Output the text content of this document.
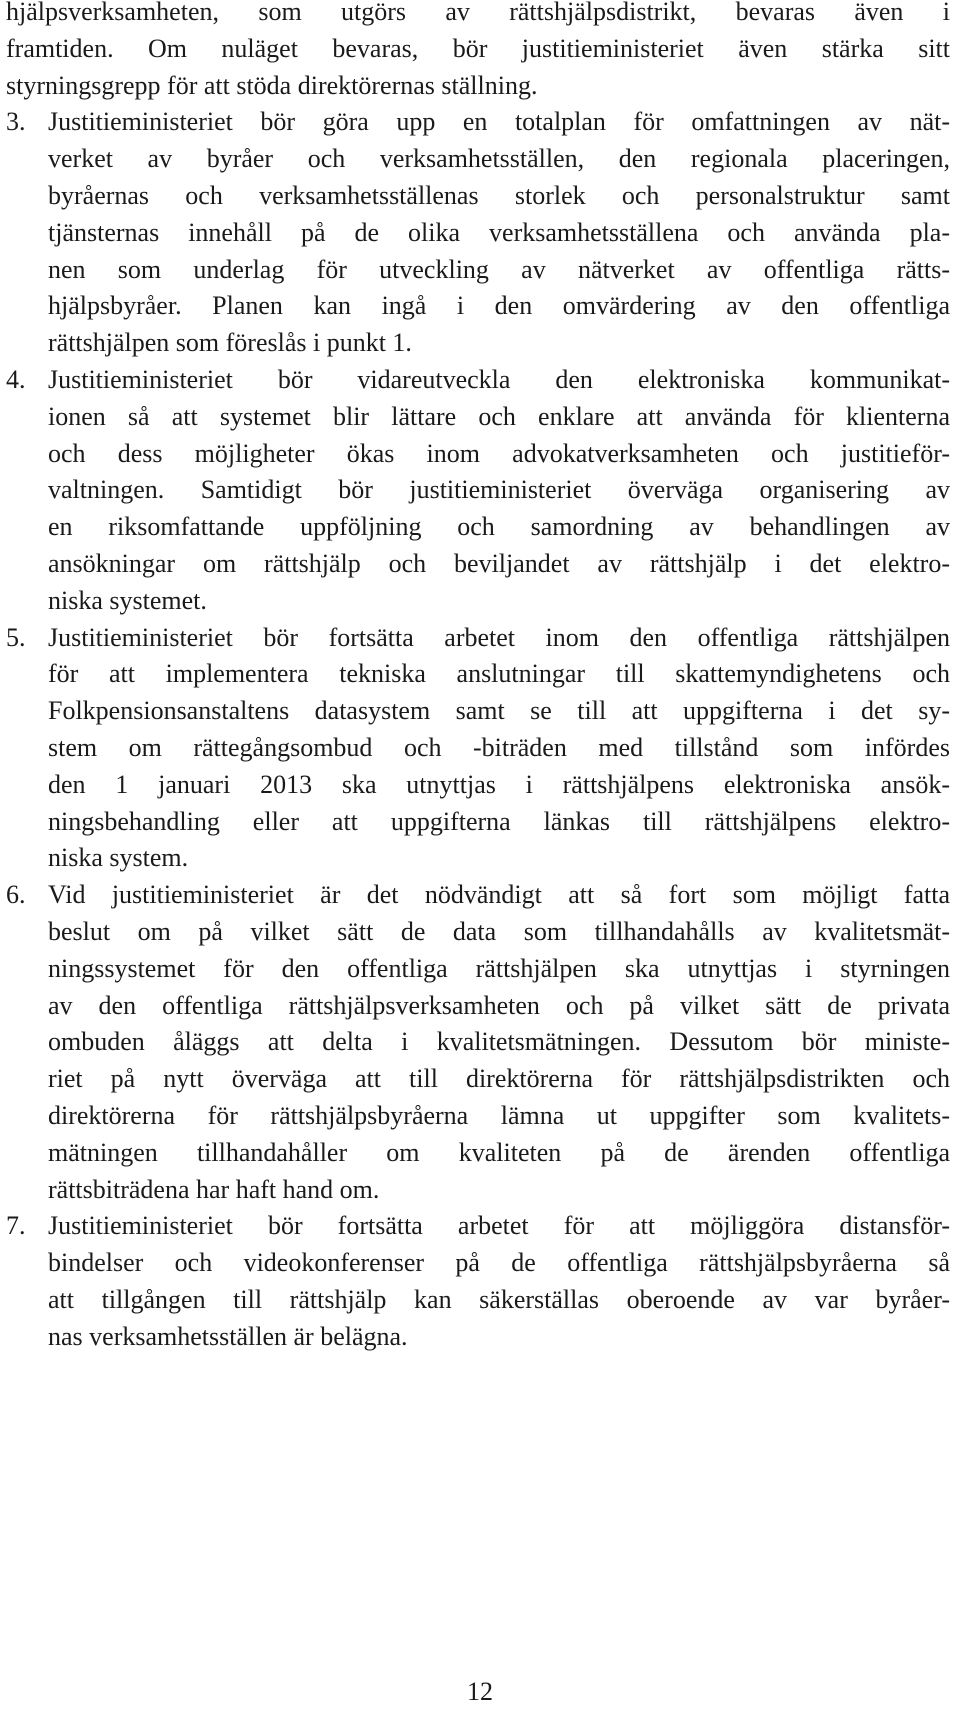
hjälpsverksamheten, som utgörs av rättshjälpsdistrikt, bevaras även i
framtiden. Om nuläget bevaras, bör justitieministeriet även stärka sitt
styrningsgrepp för att stöda direktörernas ställning.
3. Justitieministeriet bör göra upp en totalplan för omfattningen av nät-
verket av byråer och verksamhetsställen, den regionala placeringen,
byråernas och verksamhetsställenas storlek och personalstruktur samt
tjänsternas innehåll på de olika verksamhetsställena och använda pla-
nen som underlag för utveckling av nätverket av offentliga rätts-
hjälpsbyråer. Planen kan ingå i den omvärdering av den offentliga
rättshjälpen som föreslås i punkt 1.
4. Justitieministeriet bör vidareutveckla den elektroniska kommunikat-
ionen så att systemet blir lättare och enklare att använda för klienterna
och dess möjligheter ökas inom advokatverksamheten och justitieför-
valtningen. Samtidigt bör justitieministeriet överväga organisering av
en riksomfattande uppföljning och samordning av behandlingen av
ansökningar om rättshjälp och beviljandet av rättshjälp i det elektro-
niska systemet.
5. Justitieministeriet bör fortsätta arbetet inom den offentliga rättshjälpen
för att implementera tekniska anslutningar till skattemyndighetens och
Folkpensionsanstaltens datasystem samt se till att uppgifterna i det sy-
stem om rättegångsombud och -biträden med tillstånd som infördes
den 1 januari 2013 ska utnyttjas i rättshjälpens elektroniska ansök-
ningsbehandling eller att uppgifterna länkas till rättshjälpens elektro-
niska system.
6. Vid justitieministeriet är det nödvändigt att så fort som möjligt fatta
beslut om på vilket sätt de data som tillhandahålls av kvalitetsmät-
ningssystemet för den offentliga rättshjälpen ska utnyttjas i styrningen
av den offentliga rättshjälpsverksamheten och på vilket sätt de privata
ombuden åläggs att delta i kvalitetsmätningen. Dessutom bör ministe-
riet på nytt överväga att till direktörerna för rättshjälpsdistrikten och
direktörerna för rättshjälpsbyråerna lämna ut uppgifter som kvalitets-
mätningen tillhandahåller om kvaliteten på de ärenden offentliga
rättsbiträdena har haft hand om.
7. Justitieministeriet bör fortsätta arbetet för att möjliggöra distansför-
bindelser och videokonferenser på de offentliga rättshjälpsbyråerna så
att tillgången till rättshjälp kan säkerställas oberoende av var byråer-
nas verksamhetsställen är belägna.
12
